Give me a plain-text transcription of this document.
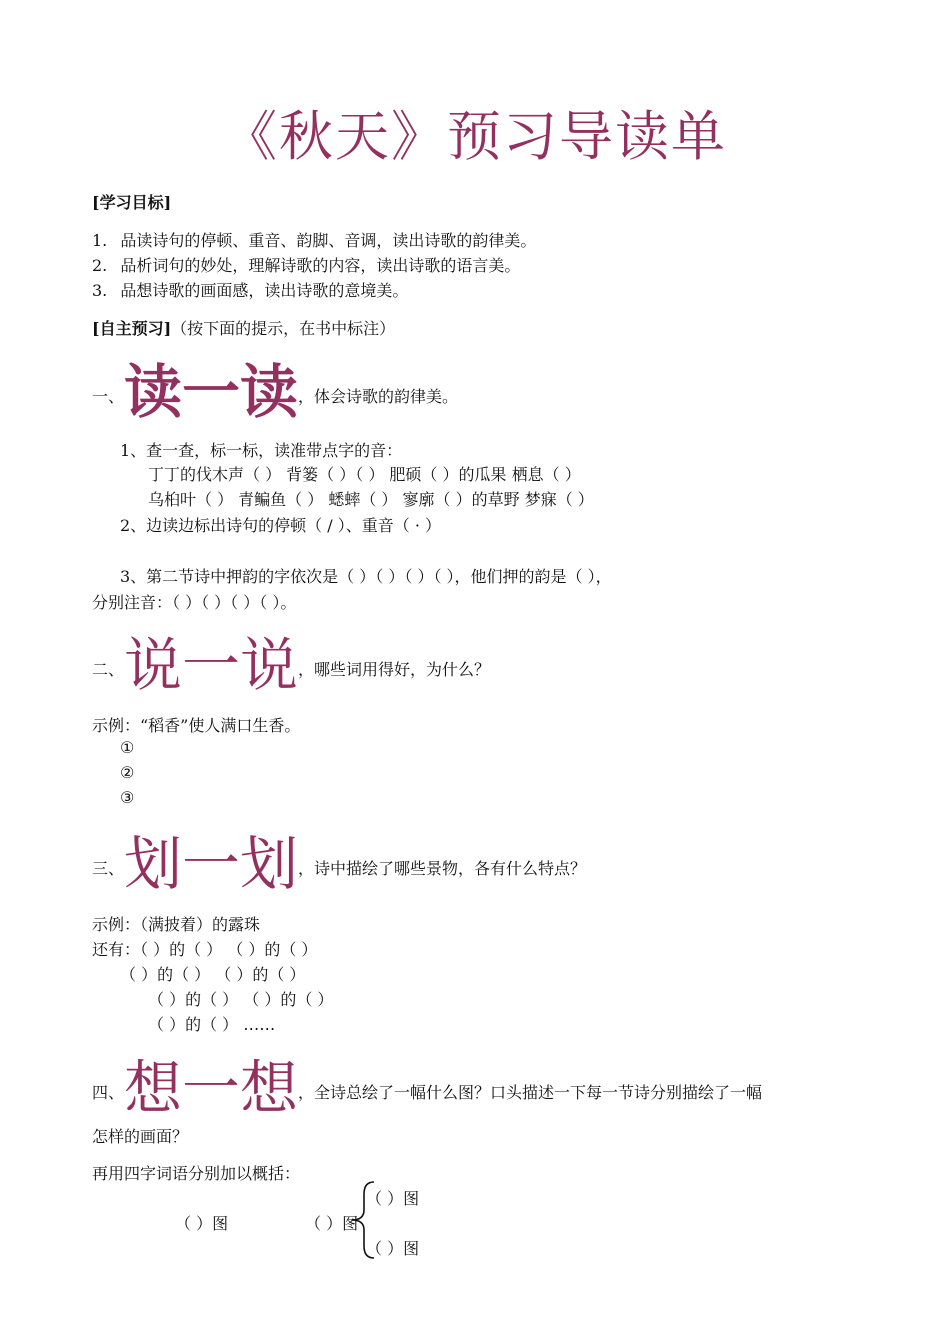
《秋天》预习导读单
[学习目标]
1. 品读诗句的停顿、重音、韵脚、音调，读出诗歌的韵律美。
2. 品析词句的妙处，理解诗歌的内容，读出诗歌的语言美。
3. 品想诗歌的画面感，读出诗歌的意境美。
[自主预习]（按下面的提示，在书中标注）
一、读一读，体会诗歌的韵律美。
1、查一查，标一标，读准带点字的音：
丁丁的伐木声（ ） 背篓（ ）（ ） 肥硕（ ）的瓜果 栖息（ ）
乌桕叶（ ） 青鳊鱼（ ） 蟋蟀（ ） 寥廓（ ）的草野 梦寐（ ）
2、边读边标出诗句的停顿（ / ）、重音（ · ）
3、第二节诗中押韵的字依次是（ ）（ ）（ ）（ ），他们押的韵是（ ），
分别注音：（ ）（ ）（ ）（ ）。
二、说一说，哪些词用得好，为什么？
示例：“稻香”使人满口生香。
①
②
③
三、划一划，诗中描绘了哪些景物，各有什么特点？
示例：（满披着）的露珠
还有：（ ）的（ ） （ ）的（ ）
（ ）的（ ） （ ）的（ ）
（ ）的（ ） （ ）的（ ）
（ ）的（ ） ……
四、想一想，全诗总绘了一幅什么图？口头描述一下每一节诗分别描绘了一幅
怎样的画面？
再用四字词语分别加以概括：
（ ）图	（ ）图
（ ）图
（ ）图
